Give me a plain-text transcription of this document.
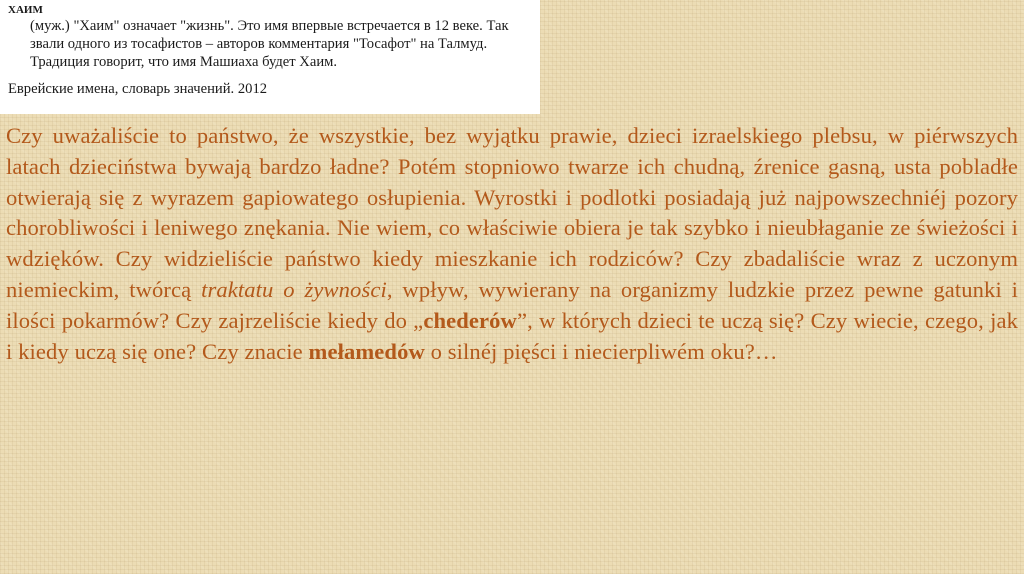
ХАИМ

(муж.) "Хаим" означает "жизнь". Это имя впервые встречается в 12 веке. Так
звали одного из тосафистов – авторов комментария "Тосафот" на Талмуд.
Традиция говорит, что имя Машиаха будет Хаим.

Еврейские имена, словарь значений. 2012

Czy uważaliście to państwo, że wszystkie, bez wyjątku prawie, dzieci izraelskiego plebsu, w piérwszych latach dzieciństwa bywają bardzo ładne? Potém stopniowo twarze ich chudną, źrenice gasną, usta pobladłe otwierają się z wyrazem gapiowatego osłupienia. Wyrostki i podlotki posiadają już najpowszechniéj pozory chorobliwości i leniwego znękania. Nie wiem, co właściwie obiera je tak szybko i nieubłaganie ze świeżości i wdzięków. Czy widzieliście państwo kiedy mieszkanie ich rodziców? Czy zbadaliście wraz z uczonym niemieckim, twórcą traktatu o żywności, wpływ, wywierany na organizmy ludzkie przez pewne gatunki i ilości pokarmów? Czy zajrzeliście kiedy do „chederów”, w których dzieci te uczą się? Czy wiecie, czego, jak i kiedy uczą się one? Czy znacie mełamedów o silnéj pięści i niecierpliwém oku?…
